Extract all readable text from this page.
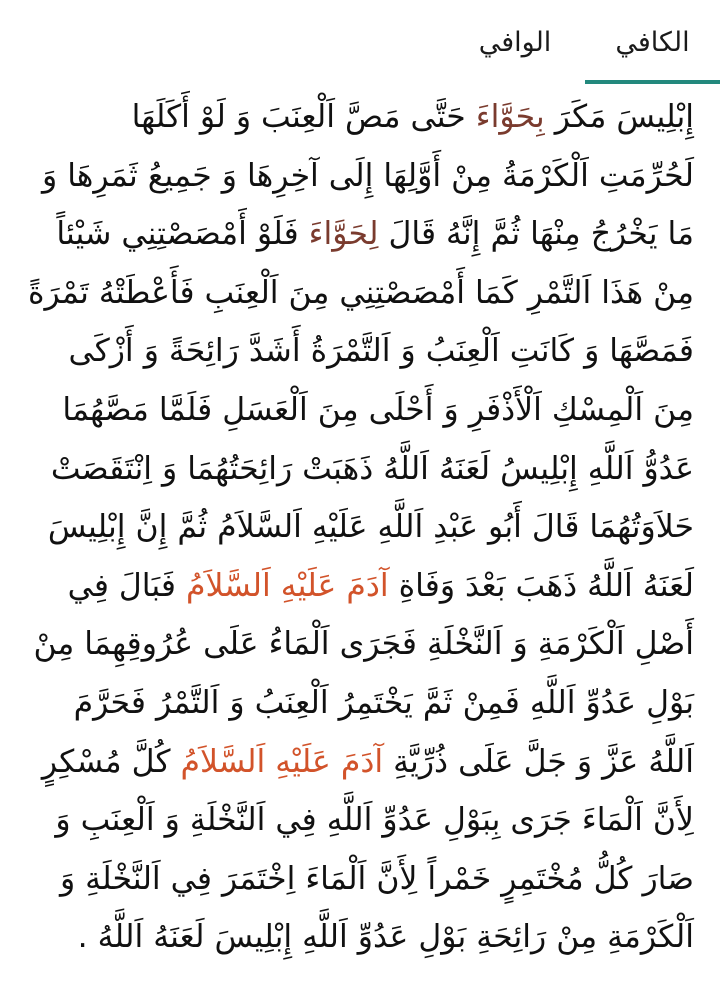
الكافي
الوافي
إِبْلِيسَ مَكَرَ بِحَوَّاءَ حَتَّى مَصَّ اَلْعِنَبَ وَ لَوْ أَكَلَهَا
لَحُرِّمَتِ اَلْكَرْمَةُ مِنْ أَوَّلِهَا إِلَى آخِرِهَا وَ جَمِيعُ ثَمَرِهَا وَ
مَا يَخْرُجُ مِنْهَا ثُمَّ إِنَّهُ قَالَ لِحَوَّاءَ فَلَوْ أَمْصَصْتِنِي شَيْئاً
مِنْ هَذَا اَلتَّمْرِ كَمَا أَمْصَصْتِنِي مِنَ اَلْعِنَبِ فَأَعْطَتْهُ تَمْرَةً
فَمَصَّهَا وَ كَانَتِ اَلْعِنَبُ وَ اَلتَّمْرَةُ أَشَدَّ رَائِحَةً وَ أَزْكَى
مِنَ اَلْمِسْكِ اَلْأَذْفَرِ وَ أَحْلَى مِنَ اَلْعَسَلِ فَلَمَّا مَصَّهُمَا
عَدُوُّ اَللَّهِ إِبْلِيسُ لَعَنَهُ اَللَّهُ ذَهَبَتْ رَائِحَتُهُمَا وَ اِنْتَقَصَتْ
حَلاَوَتُهُمَا قَالَ أَبُو عَبْدِ اَللَّهِ عَلَيْهِ اَلسَّلاَمُ ثُمَّ إِنَّ إِبْلِيسَ
لَعَنَهُ اَللَّهُ ذَهَبَ بَعْدَ وَفَاةِ آدَمَ عَلَيْهِ اَلسَّلاَمُ فَبَالَ فِي
أَصْلِ اَلْكَرْمَةِ وَ اَلنَّخْلَةِ فَجَرَى اَلْمَاءُ عَلَى عُرُوقِهِمَا مِنْ
بَوْلِ عَدُوِّ اَللَّهِ فَمِنْ ثَمَّ يَخْتَمِرُ اَلْعِنَبُ وَ اَلتَّمْرُ فَحَرَّمَ
اَللَّهُ عَزَّ وَ جَلَّ عَلَى ذُرِّيَّةِ آدَمَ عَلَيْهِ اَلسَّلاَمُ كُلَّ مُسْكِرٍ
لِأَنَّ اَلْمَاءَ جَرَى بِبَوْلِ عَدُوِّ اَللَّهِ فِي اَلنَّخْلَةِ وَ اَلْعِنَبِ وَ
صَارَ كُلُّ مُخْتَمِرٍ خَمْراً لِأَنَّ اَلْمَاءَ اِخْتَمَرَ فِي اَلنَّخْلَةِ وَ
اَلْكَرْمَةِ مِنْ رَائِحَةِ بَوْلِ عَدُوِّ اَللَّهِ إِبْلِيسَ لَعَنَهُ اَللَّهُ .
